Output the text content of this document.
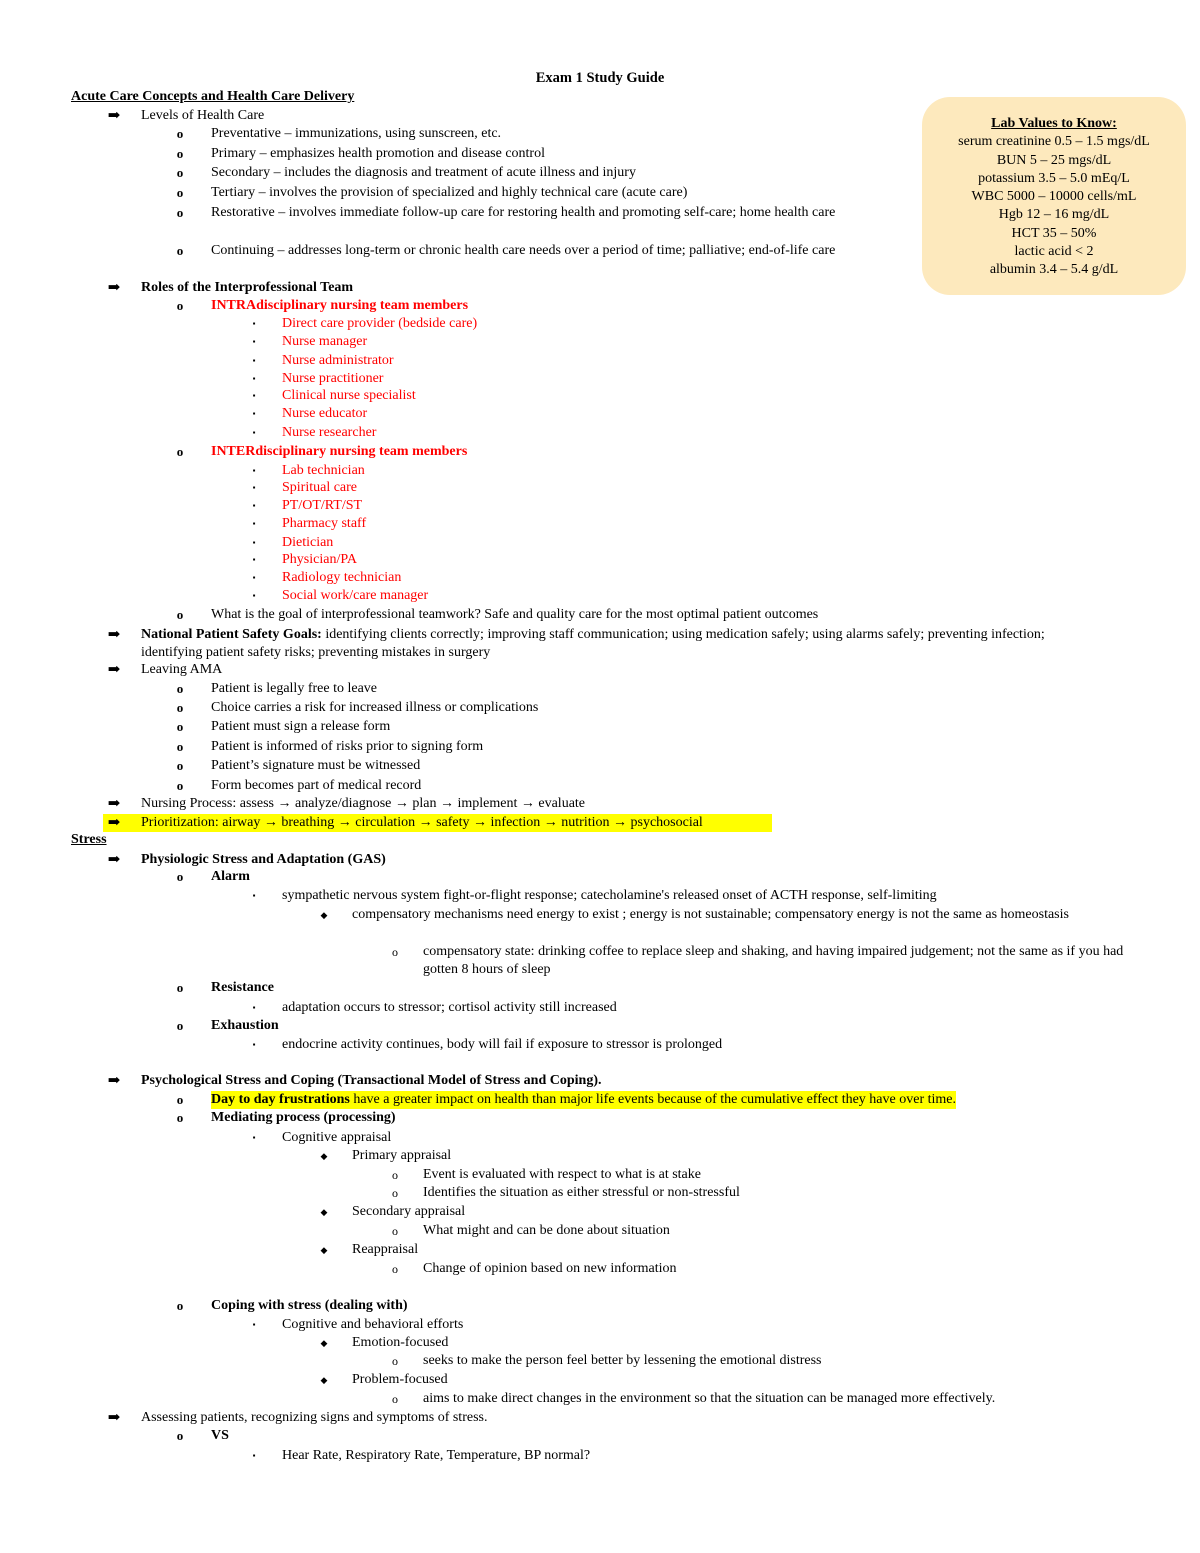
Exam 1 Study Guide
Acute Care Concepts and Health Care Delivery
➡ Levels of Health Care
o	Preventative – immunizations, using sunscreen, etc.
o	Primary – emphasizes health promotion and disease control
o	Secondary – includes the diagnosis and treatment of acute illness and injury
o	Tertiary – involves the provision of specialized and highly technical care (acute care)
o	Restorative – involves immediate follow-up care for restoring health and promoting self-care; home health care
o	Continuing – addresses long-term or chronic health care needs over a period of time; palliative; end-of-life care
➡ Roles of the Interprofessional Team
o	INTRAdisciplinary nursing team members
▪	Direct care provider (bedside care)
▪	Nurse manager
▪	Nurse administrator
▪	Nurse practitioner
▪	Clinical nurse specialist
▪	Nurse educator
▪	Nurse researcher
o	INTERdisciplinary nursing team members
▪	Lab technician
▪	Spiritual care
▪	PT/OT/RT/ST
▪	Pharmacy staff
▪	Dietician
▪	Physician/PA
▪	Radiology technician
▪	Social work/care manager
o	What is the goal of interprofessional teamwork? Safe and quality care for the most optimal patient outcomes
➡ National Patient Safety Goals: identifying clients correctly; improving staff communication; using medication safely; using alarms safely; preventing infection; identifying patient safety risks; preventing mistakes in surgery
➡ Leaving AMA
o	Patient is legally free to leave
o	Choice carries a risk for increased illness or complications
o	Patient must sign a release form
o	Patient is informed of risks prior to signing form
o	Patient’s signature must be witnessed
o	Form becomes part of medical record
➡ Nursing Process: assess → analyze/diagnose → plan → implement → evaluate
➡ Prioritization: airway → breathing → circulation → safety → infection → nutrition → psychosocial
Stress
➡ Physiologic Stress and Adaptation (GAS)
o	Alarm
▪	sympathetic nervous system fight-or-flight response; catecholamine's released onset of ACTH response, self-limiting
◆	compensatory mechanisms need energy to exist ; energy is not sustainable; compensatory energy is not the same as homeostasis
o	compensatory state: drinking coffee to replace sleep and shaking, and having impaired judgement; not the same as if you had gotten 8 hours of sleep
o	Resistance
▪	adaptation occurs to stressor; cortisol activity still increased
o	Exhaustion
▪	endocrine activity continues, body will fail if exposure to stressor is prolonged
➡ Psychological Stress and Coping (Transactional Model of Stress and Coping).
o	Day to day frustrations have a greater impact on health than major life events because of the cumulative effect they have over time.
o	Mediating process (processing)
▪	Cognitive appraisal
◆	Primary appraisal
o	Event is evaluated with respect to what is at stake
o	Identifies the situation as either stressful or non-stressful
◆	Secondary appraisal
o	What might and can be done about situation
◆	Reappraisal
o	Change of opinion based on new information
o	Coping with stress (dealing with)
▪	Cognitive and behavioral efforts
◆	Emotion-focused
o	seeks to make the person feel better by lessening the emotional distress
◆	Problem-focused
o	aims to make direct changes in the environment so that the situation can be managed more effectively.
➡ Assessing patients, recognizing signs and symptoms of stress.
o	VS
▪	Hear Rate, Respiratory Rate, Temperature, BP normal?
Lab Values to Know:
serum creatinine 0.5 – 1.5 mgs/dL
BUN 5 – 25 mgs/dL
potassium 3.5 – 5.0 mEq/L
WBC 5000 – 10000 cells/mL
Hgb 12 – 16 mg/dL
HCT 35 – 50%
lactic acid < 2
albumin 3.4 – 5.4 g/dL
